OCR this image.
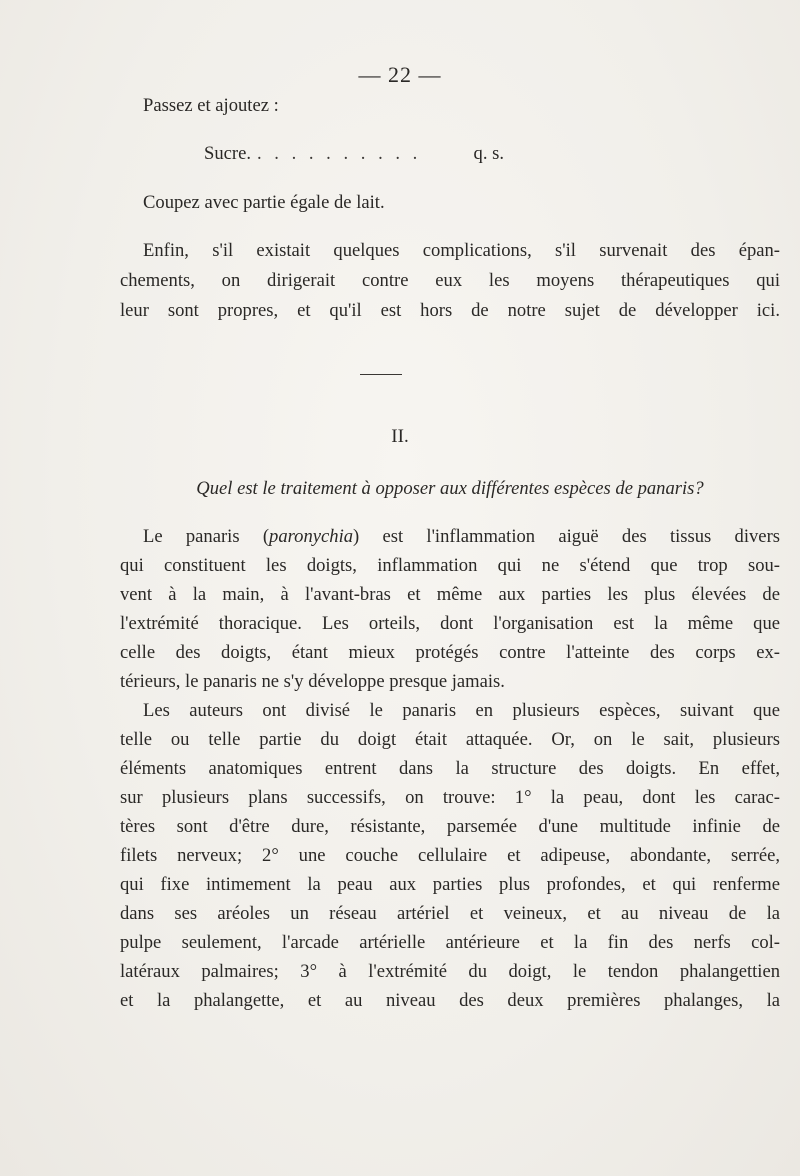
— 22 —
Passez et ajoutez :
Sucre. . . . . . . . . . .	q. s.
Coupez avec partie égale de lait.
Enfin, s'il existait quelques complications, s'il survenait des épan-
chements, on dirigerait contre eux les moyens thérapeutiques qui
leur sont propres, et qu'il est hors de notre sujet de développer ici.
II.
Quel est le traitement à opposer aux différentes espèces de panaris?
Le panaris (paronychia) est l'inflammation aiguë des tissus divers
qui constituent les doigts, inflammation qui ne s'étend que trop sou-
vent à la main, à l'avant-bras et même aux parties les plus élevées de
l'extrémité thoracique. Les orteils, dont l'organisation est la même que
celle des doigts, étant mieux protégés contre l'atteinte des corps ex-
térieurs, le panaris ne s'y développe presque jamais.
Les auteurs ont divisé le panaris en plusieurs espèces, suivant que
telle ou telle partie du doigt était attaquée. Or, on le sait, plusieurs
éléments anatomiques entrent dans la structure des doigts. En effet,
sur plusieurs plans successifs, on trouve: 1° la peau, dont les carac-
tères sont d'être dure, résistante, parsemée d'une multitude infinie de
filets nerveux; 2° une couche cellulaire et adipeuse, abondante, serrée,
qui fixe intimement la peau aux parties plus profondes, et qui renferme
dans ses aréoles un réseau artériel et veineux, et au niveau de la
pulpe seulement, l'arcade artérielle antérieure et la fin des nerfs col-
latéraux palmaires; 3° à l'extrémité du doigt, le tendon phalangettien
et la phalangette, et au niveau des deux premières phalanges, la
